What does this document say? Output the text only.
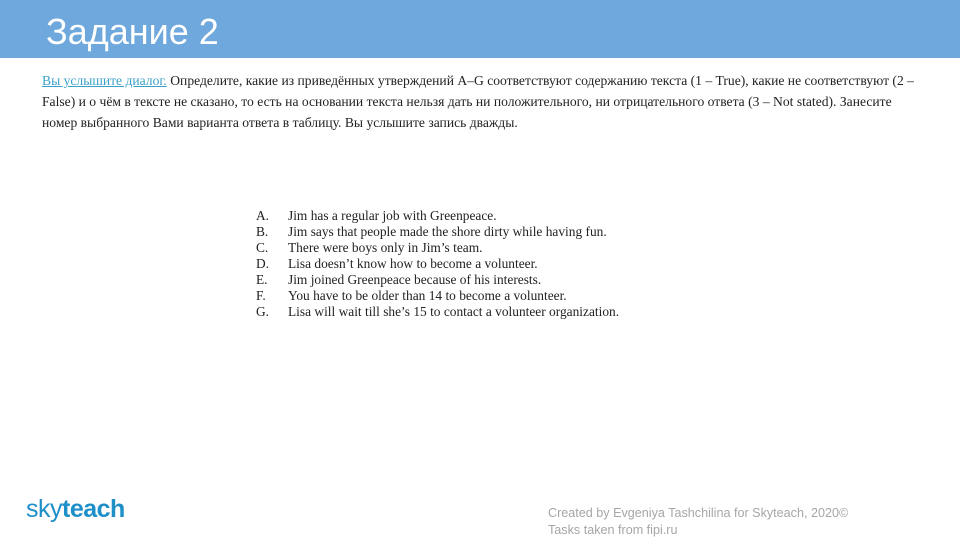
Задание 2
Вы услышите диалог. Определите, какие из приведённых утверждений A–G соответствуют содержанию текста (1 – True), какие не соответствуют (2 – False) и о чём в тексте не сказано, то есть на основании текста нельзя дать ни положительного, ни отрицательного ответа (3 – Not stated). Занесите номер выбранного Вами варианта ответа в таблицу. Вы услышите запись дважды.
A. Jim has a regular job with Greenpeace.
B. Jim says that people made the shore dirty while having fun.
C. There were boys only in Jim’s team.
D. Lisa doesn’t know how to become a volunteer.
E. Jim joined Greenpeace because of his interests.
F. You have to be older than 14 to become a volunteer.
G. Lisa will wait till she’s 15 to contact a volunteer organization.
skyteach	Created by Evgeniya Tashchilina for Skyteach, 2020©
Tasks taken from fipi.ru
